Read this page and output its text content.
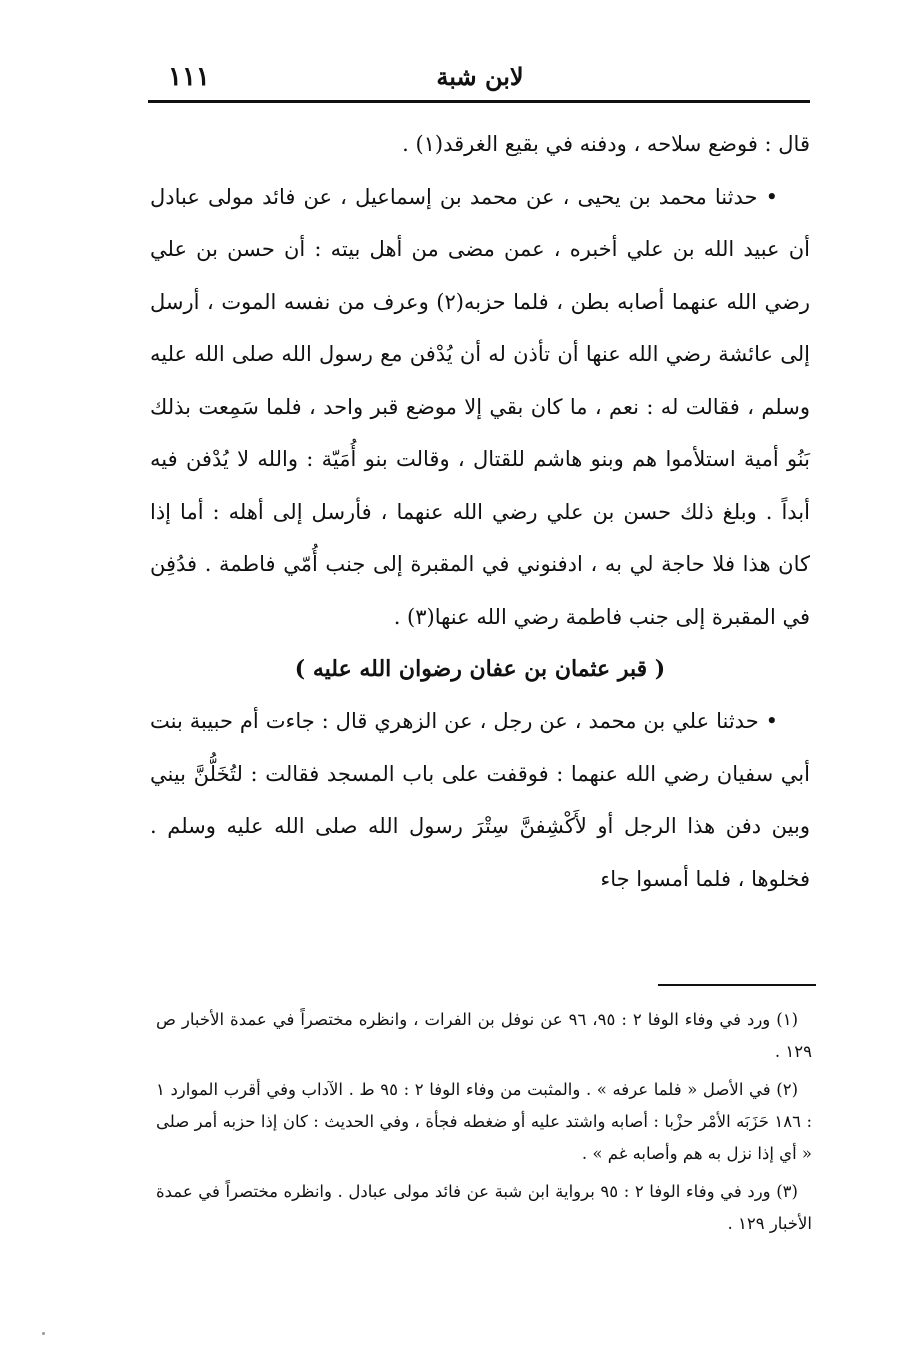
١١١	لابن شبة

قال : فوضع سلاحه ، ودفنه في بقيع الغرقد(١) .

• حدثنا محمد بن يحيى ، عن محمد بن إسماعيل ، عن فائد مولى عبادل أن عبيد الله بن علي أخبره ، عمن مضى من أهل بيته : أن حسن بن علي رضي الله عنهما أصابه بطن ، فلما حزبه(٢) وعرف من نفسه الموت ، أرسل إلى عائشة رضي الله عنها أن تأذن له أن يُدْفن مع رسول الله صلى الله عليه وسلم ، فقالت له : نعم ، ما كان بقي إلا موضع قبر واحد ، فلما سَمِعت بذلك بَنُو أمية استلأموا هم وبنو هاشم للقتال ، وقالت بنو أُمَيّة : والله لا يُدْفن فيه أبداً . وبلغ ذلك حسن بن علي رضي الله عنهما ، فأرسل إلى أهله : أما إذا كان هذا فلا حاجة لي به ، ادفنوني في المقبرة إلى جنب أُمّي فاطمة . فدُفِن في المقبرة إلى جنب فاطمة رضي الله عنها(٣) .

( قبر عثمان بن عفان رضوان الله عليه )

• حدثنا علي بن محمد ، عن رجل ، عن الزهري قال : جاءت أم حبيبة بنت أبي سفيان رضي الله عنهما : فوقفت على باب المسجد فقالت : لتُخَلُّنَّ بيني وبين دفن هذا الرجل أو لأَكْشِفنَّ سِتْرَ رسول الله صلى الله عليه وسلم . فخلوها ، فلما أمسوا جاء

(١) ورد في وفاء الوفا ٢ : ٩٥، ٩٦ عن نوفل بن الفرات ، وانظره مختصراً في عمدة الأخبار ص ١٢٩ .

(٢) في الأصل « فلما عرفه » . والمثبت من وفاء الوفا ٢ : ٩٥ ط . الآداب وفي أقرب الموارد ١ : ١٨٦ حَزَبَه الأمْر حزْبا : أصابه واشتد عليه أو ضغطه فجأة ، وفي الحديث : كان إذا حزبه أمر صلى « أي إذا نزل به هم وأصابه غم » .

(٣) ورد في وفاء الوفا ٢ : ٩٥ برواية ابن شبة عن فائد مولى عبادل . وانظره مختصراً في عمدة الأخبار ١٢٩ .
